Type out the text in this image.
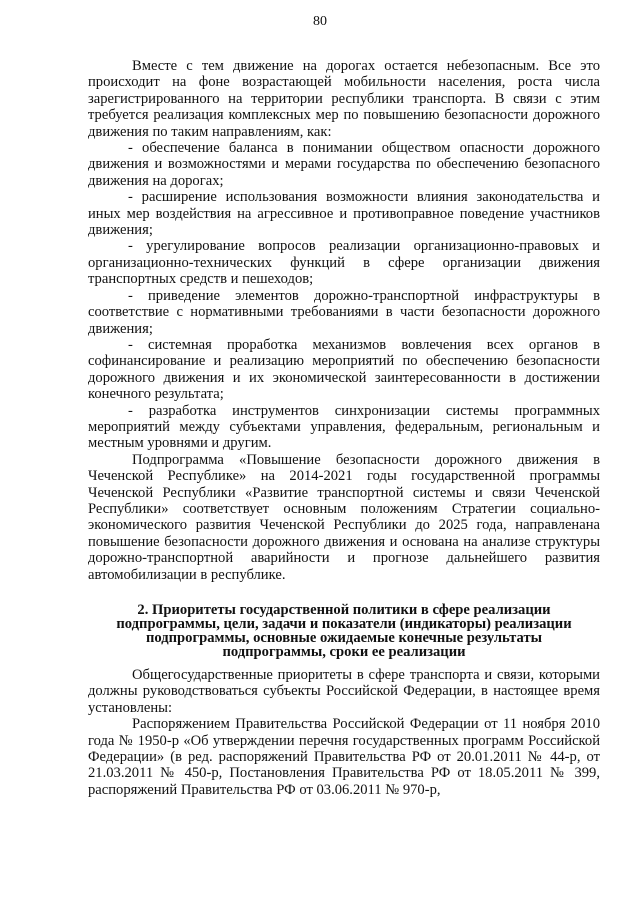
80

Вместе с тем движение на дорогах остается небезопасным. Все это происходит на фоне возрастающей мобильности населения, роста числа зарегистрированного на территории республики транспорта. В связи с этим требуется реализация комплексных мер по повышению безопасности дорожного движения по таким направлениям, как:

- обеспечение баланса в понимании обществом опасности дорожного движения и возможностями и мерами государства по обеспечению безопасного движения на дорогах;

- расширение использования возможности влияния законодательства и иных мер воздействия на агрессивное и противоправное поведение участников движения;

- урегулирование вопросов реализации организационно-правовых и организационно-технических функций в сфере организации движения транспортных средств и пешеходов;

- приведение элементов дорожно-транспортной инфраструктуры в соответствие с нормативными требованиями в части безопасности дорожного движения;

- системная проработка механизмов вовлечения всех органов в софинансирование и реализацию мероприятий по обеспечению безопасности дорожного движения и их экономической заинтересованности в достижении конечного результата;

- разработка инструментов синхронизации системы программных мероприятий между субъектами управления, федеральным, региональным и местным уровнями и другим.

Подпрограмма «Повышение безопасности дорожного движения в Чеченской Республике» на 2014-2021 годы государственной программы Чеченской Республики «Развитие транспортной системы и связи Чеченской Республики» соответствует основным положениям Стратегии социально-экономического развития Чеченской Республики до 2025 года, направленана повышение безопасности дорожного движения и основана на анализе структуры дорожно-транспортной аварийности и прогнозе дальнейшего развития автомобилизации в республике.

2. Приоритеты государственной политики в сфере реализации подпрограммы, цели, задачи и показатели (индикаторы) реализации подпрограммы, основные ожидаемые конечные результаты подпрограммы, сроки ее реализации

Общегосударственные приоритеты в сфере транспорта и связи, которыми должны руководствоваться субъекты Российской Федерации, в настоящее время установлены:

Распоряжением Правительства Российской Федерации от 11 ноября 2010 года № 1950-р «Об утверждении перечня государственных программ Российской Федерации» (в ред. распоряжений Правительства РФ от 20.01.2011 № 44-р, от 21.03.2011 № 450-р, Постановления Правительства РФ от 18.05.2011 № 399, распоряжений Правительства РФ от 03.06.2011 № 970-р,
